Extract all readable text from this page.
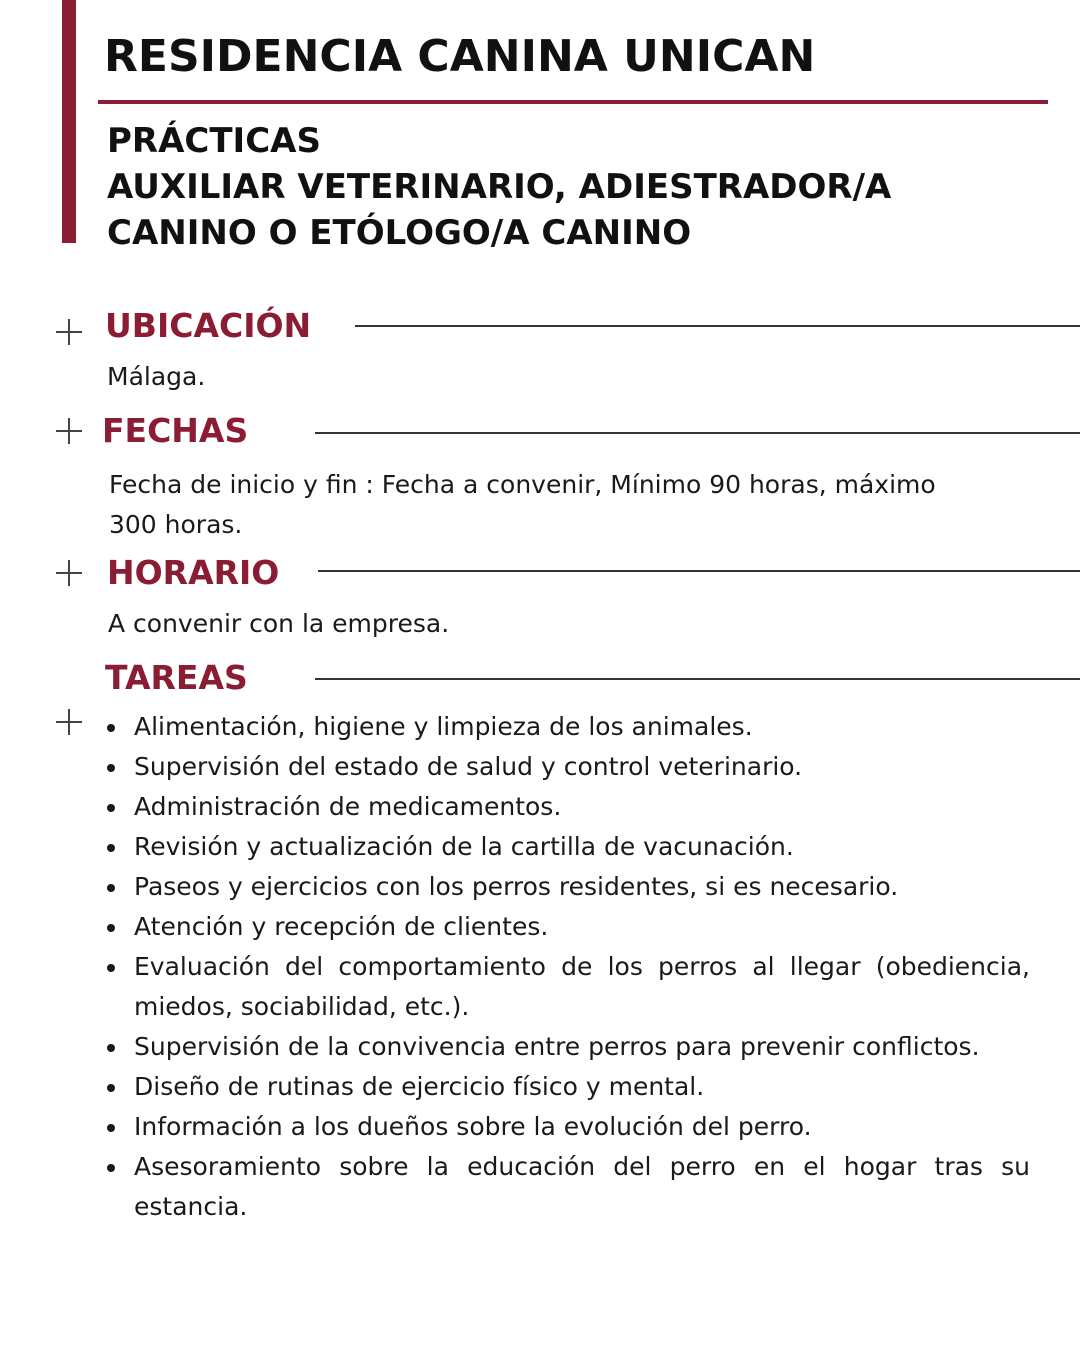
RESIDENCIA CANINA UNICAN
PRÁCTICAS
AUXILIAR VETERINARIO, ADIESTRADOR/A
CANINO O ETÓLOGO/A CANINO
UBICACIÓN

Málaga.

FECHAS

Fecha de inicio y fin : Fecha a convenir, Mínimo 90 horas, máximo 300 horas.

HORARIO

A convenir con la empresa.

TAREAS
Alimentación, higiene y limpieza de los animales.
Supervisión del estado de salud y control veterinario.
Administración de medicamentos.
Revisión y actualización de la cartilla de vacunación.
Paseos y ejercicios con los perros residentes, si es necesario.
Atención y recepción de clientes.
Evaluación del comportamiento de los perros al llegar (obediencia, miedos, sociabilidad, etc.).
Supervisión de la convivencia entre perros para prevenir conflictos.
Diseño de rutinas de ejercicio físico y mental.
Información a los dueños sobre la evolución del perro.
Asesoramiento sobre la educación del perro en el hogar tras su estancia.
